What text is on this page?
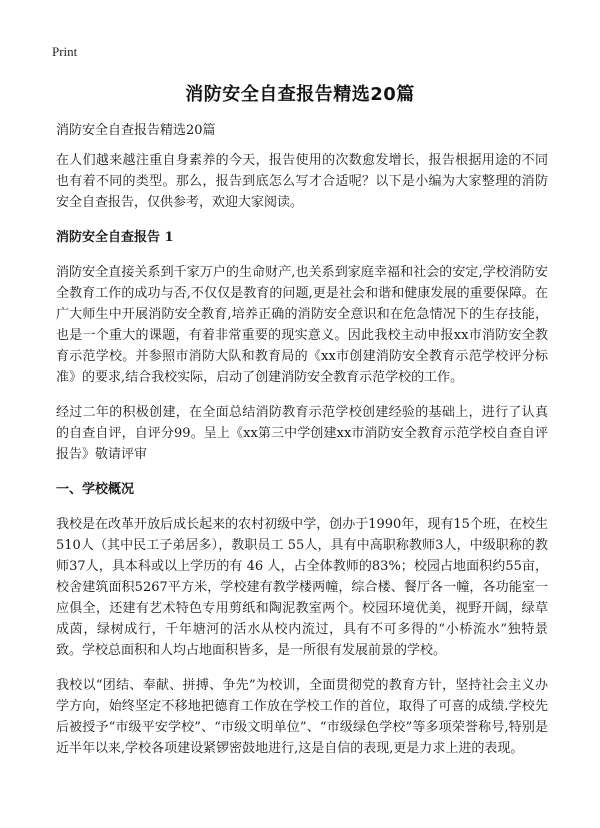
Print
消防安全自查报告精选20篇

消防安全自查报告精选20篇

在人们越来越注重自身素养的今天，报告使用的次数愈发增长，报告根据用途的不同也有着不同的类型。那么，报告到底怎么写才合适呢？以下是小编为大家整理的消防安全自查报告，仅供参考，欢迎大家阅读。

消防安全自查报告 1

消防安全直接关系到千家万户的生命财产,也关系到家庭幸福和社会的安定,学校消防安全教育工作的成功与否,不仅仅是教育的问题,更是社会和谐和健康发展的重要保障。在广大师生中开展消防安全教育,培养正确的消防安全意识和在危急情况下的生存技能，也是一个重大的课题，有着非常重要的现实意义。因此我校主动申报xx市消防安全教育示范学校。并参照市消防大队和教育局的《xx市创建消防安全教育示范学校评分标准》的要求,结合我校实际，启动了创建消防安全教育示范学校的工作。

经过二年的积极创建，在全面总结消防教育示范学校创建经验的基础上，进行了认真的自查自评，自评分99。呈上《xx第三中学创建xx市消防安全教育示范学校自查自评报告》敬请评审

一、学校概况

我校是在改革开放后成长起来的农村初级中学，创办于1990年，现有15个班，在校生510人（其中民工子弟居多），教职员工 55人，具有中高职称教师3人，中级职称的教师37人，具本科或以上学历的有 46 人，占全体教师的83%；校园占地面积约55亩，校舍建筑面积5267平方米，学校建有教学楼两幢，综合楼、餐厅各一幢，各功能室一应俱全，还建有艺术特色专用剪纸和陶泥教室两个。校园环境优美，视野开阔，绿草成茵，绿树成行，千年塘河的活水从校内流过，具有不可多得的“小桥流水”独特景致。学校总面积和人均占地面积皆多，是一所很有发展前景的学校。

我校以“团结、奉献、拼搏、争先”为校训，全面贯彻党的教育方针，坚持社会主义办学方向，始终坚定不移地把德育工作放在学校工作的首位，取得了可喜的成绩.学校先后被授予“市级平安学校”、“市级文明单位”、“市级绿色学校”等多项荣誉称号,特别是近半年以来,学校各项建设紧锣密鼓地进行,这是自信的表现,更是力求上进的表现。
